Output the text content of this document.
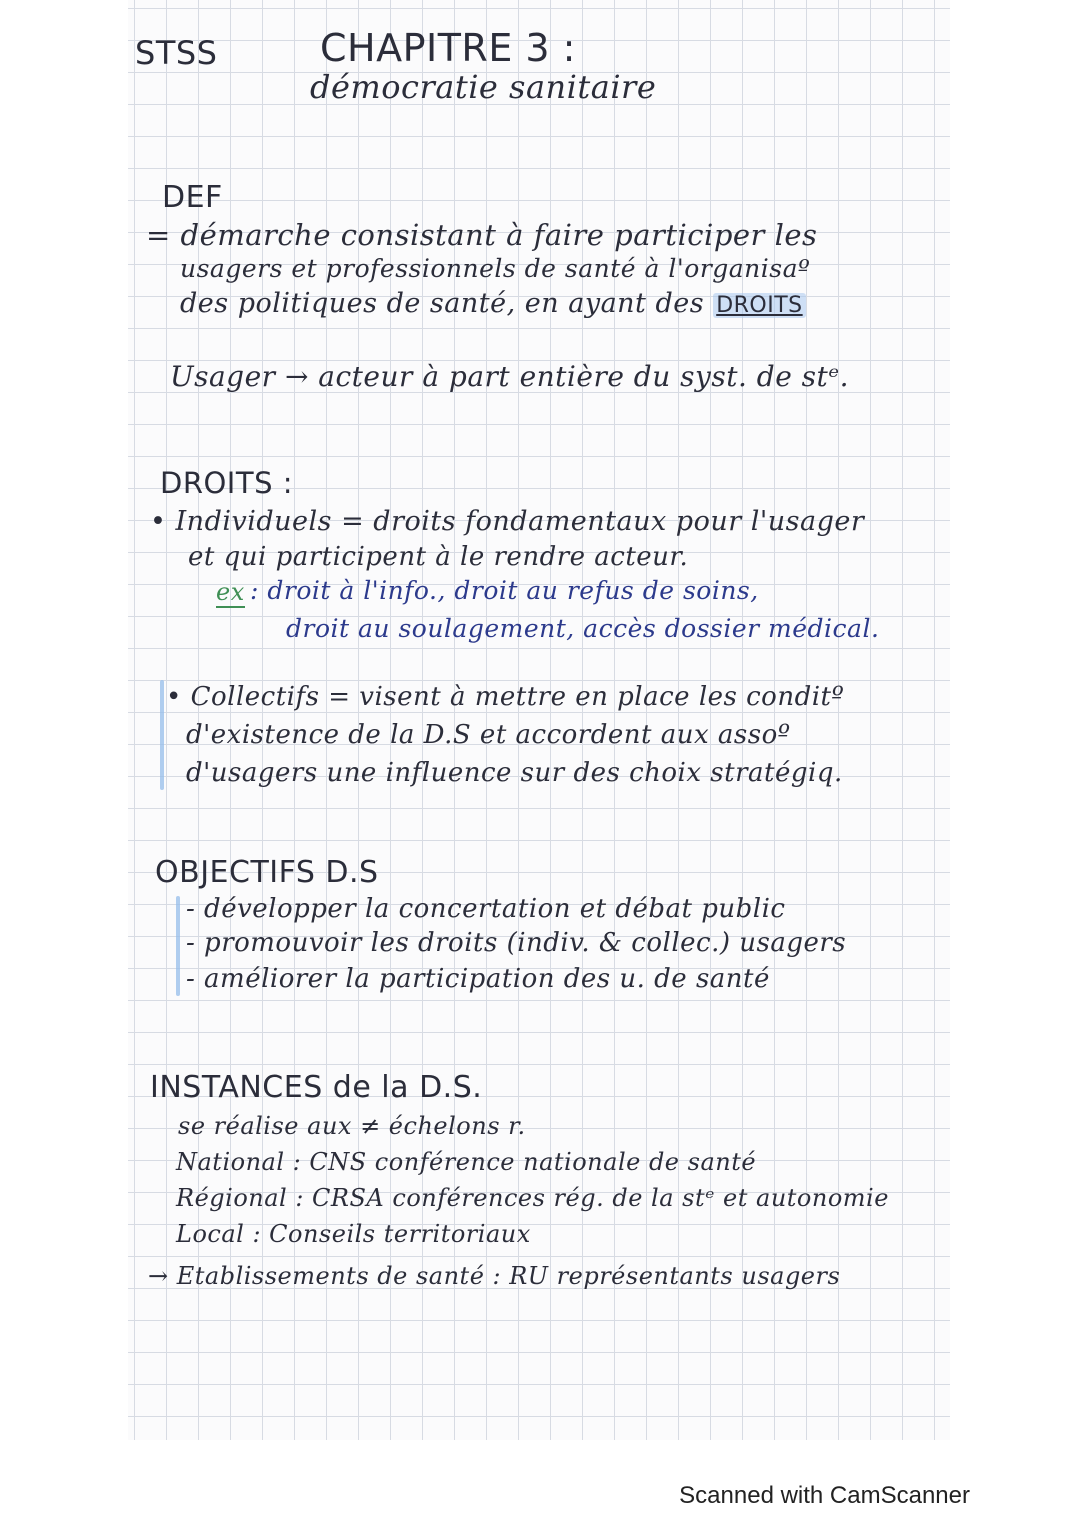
STSS	CHAPITRE 3 :
démocratie sanitaire
DEF
= démarche consistant à faire participer les
usagers et professionnels de santé à l'organisaº
des politiques de santé, en ayant des DROITS
Usager → acteur à part entière du syst. de stᵉ.
DROITS :
• Individuels = droits fondamentaux pour l'usager
et qui participent à le rendre acteur.
ex : droit à l'info., droit au refus de soins,
droit au soulagement, accès dossier médical.
• Collectifs = visent à mettre en place les conditº
d'existence de la D.S et accordent aux assoº
d'usagers une influence sur des choix stratégiq.
OBJECTIFS D.S
- développer la concertation et débat public
- promouvoir les droits (indiv. & collec.) usagers
- améliorer la participation des u. de santé
INSTANCES de la D.S.
se réalise aux ≠ échelons r.
National : CNS conférence nationale de santé
Régional : CRSA conférences rég. de la stᵉ et autonomie
Local : Conseils territoriaux
→ Etablissements de santé : RU représentants usagers
Scanned with CamScanner
